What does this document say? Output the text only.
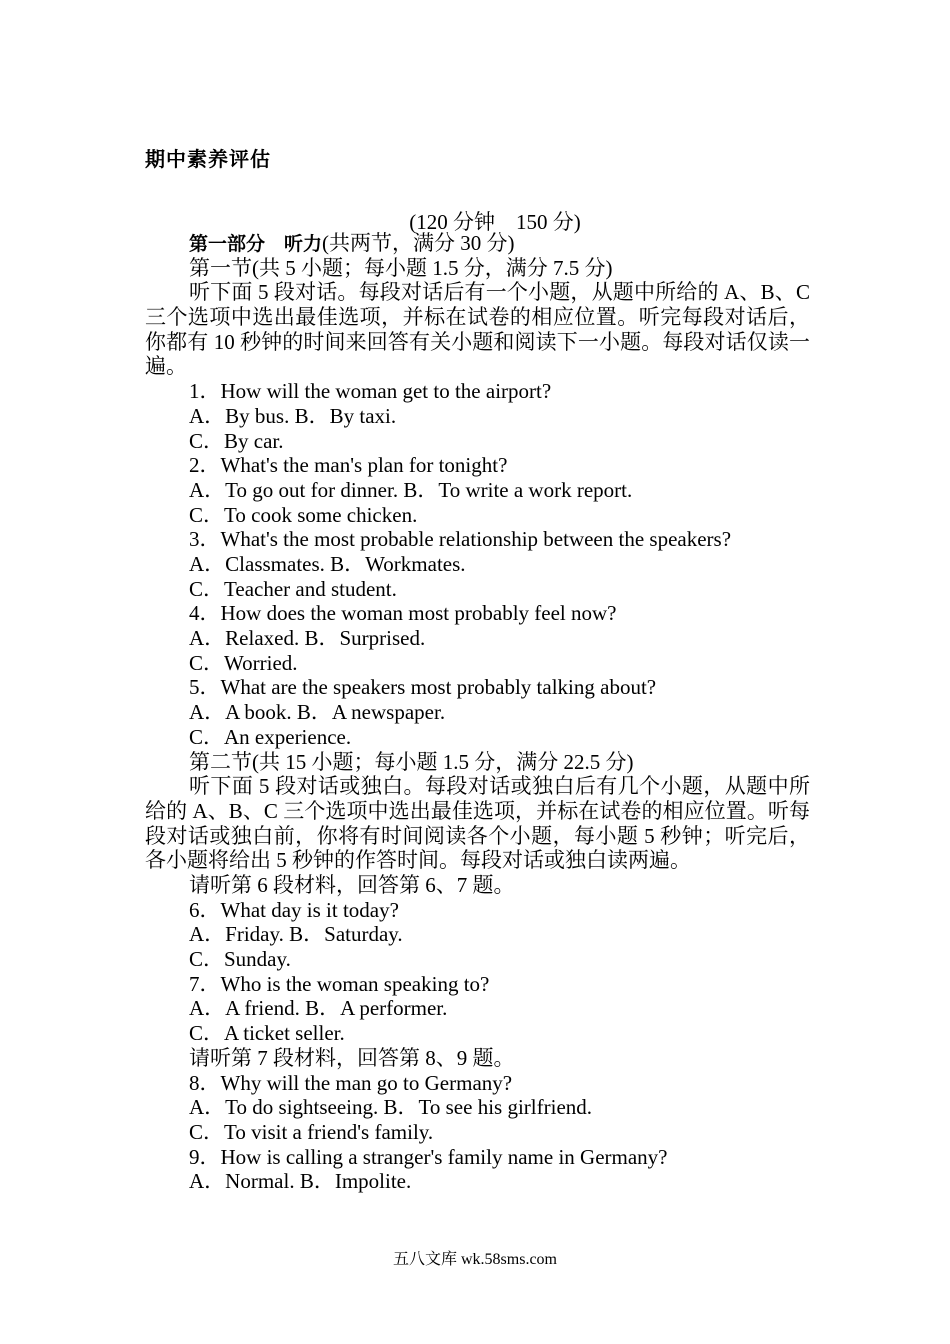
期中素养评估
(120 分钟　150 分)
第一部分　听力(共两节，满分 30 分)
第一节(共 5 小题；每小题 1.5 分，满分 7.5 分)
听下面 5 段对话。每段对话后有一个小题，从题中所给的 A、B、C 三个选项中选出最佳选项，并标在试卷的相应位置。听完每段对话后，你都有 10 秒钟的时间来回答有关小题和阅读下一小题。每段对话仅读一遍。
1．How will the woman get to the airport?
A．By bus. B．By taxi.
C．By car.
2．What's the man's plan for tonight?
A．To go out for dinner. B．To write a work report.
C．To cook some chicken.
3．What's the most probable relationship between the speakers?
A．Classmates. B．Workmates.
C．Teacher and student.
4．How does the woman most probably feel now?
A．Relaxed. B．Surprised.
C．Worried.
5．What are the speakers most probably talking about?
A．A book. B．A newspaper.
C．An experience.
第二节(共 15 小题；每小题 1.5 分，满分 22.5 分)
听下面 5 段对话或独白。每段对话或独白后有几个小题，从题中所给的 A、B、C 三个选项中选出最佳选项，并标在试卷的相应位置。听每段对话或独白前，你将有时间阅读各个小题，每小题 5 秒钟；听完后，各小题将给出 5 秒钟的作答时间。每段对话或独白读两遍。
请听第 6 段材料，回答第 6、7 题。
6．What day is it today?
A．Friday. B．Saturday.
C．Sunday.
7．Who is the woman speaking to?
A．A friend. B．A performer.
C．A ticket seller.
请听第 7 段材料，回答第 8、9 题。
8．Why will the man go to Germany?
A．To do sightseeing. B．To see his girlfriend.
C．To visit a friend's family.
9．How is calling a stranger's family name in Germany?
A．Normal. B．Impolite.
五八文库 wk.58sms.com
